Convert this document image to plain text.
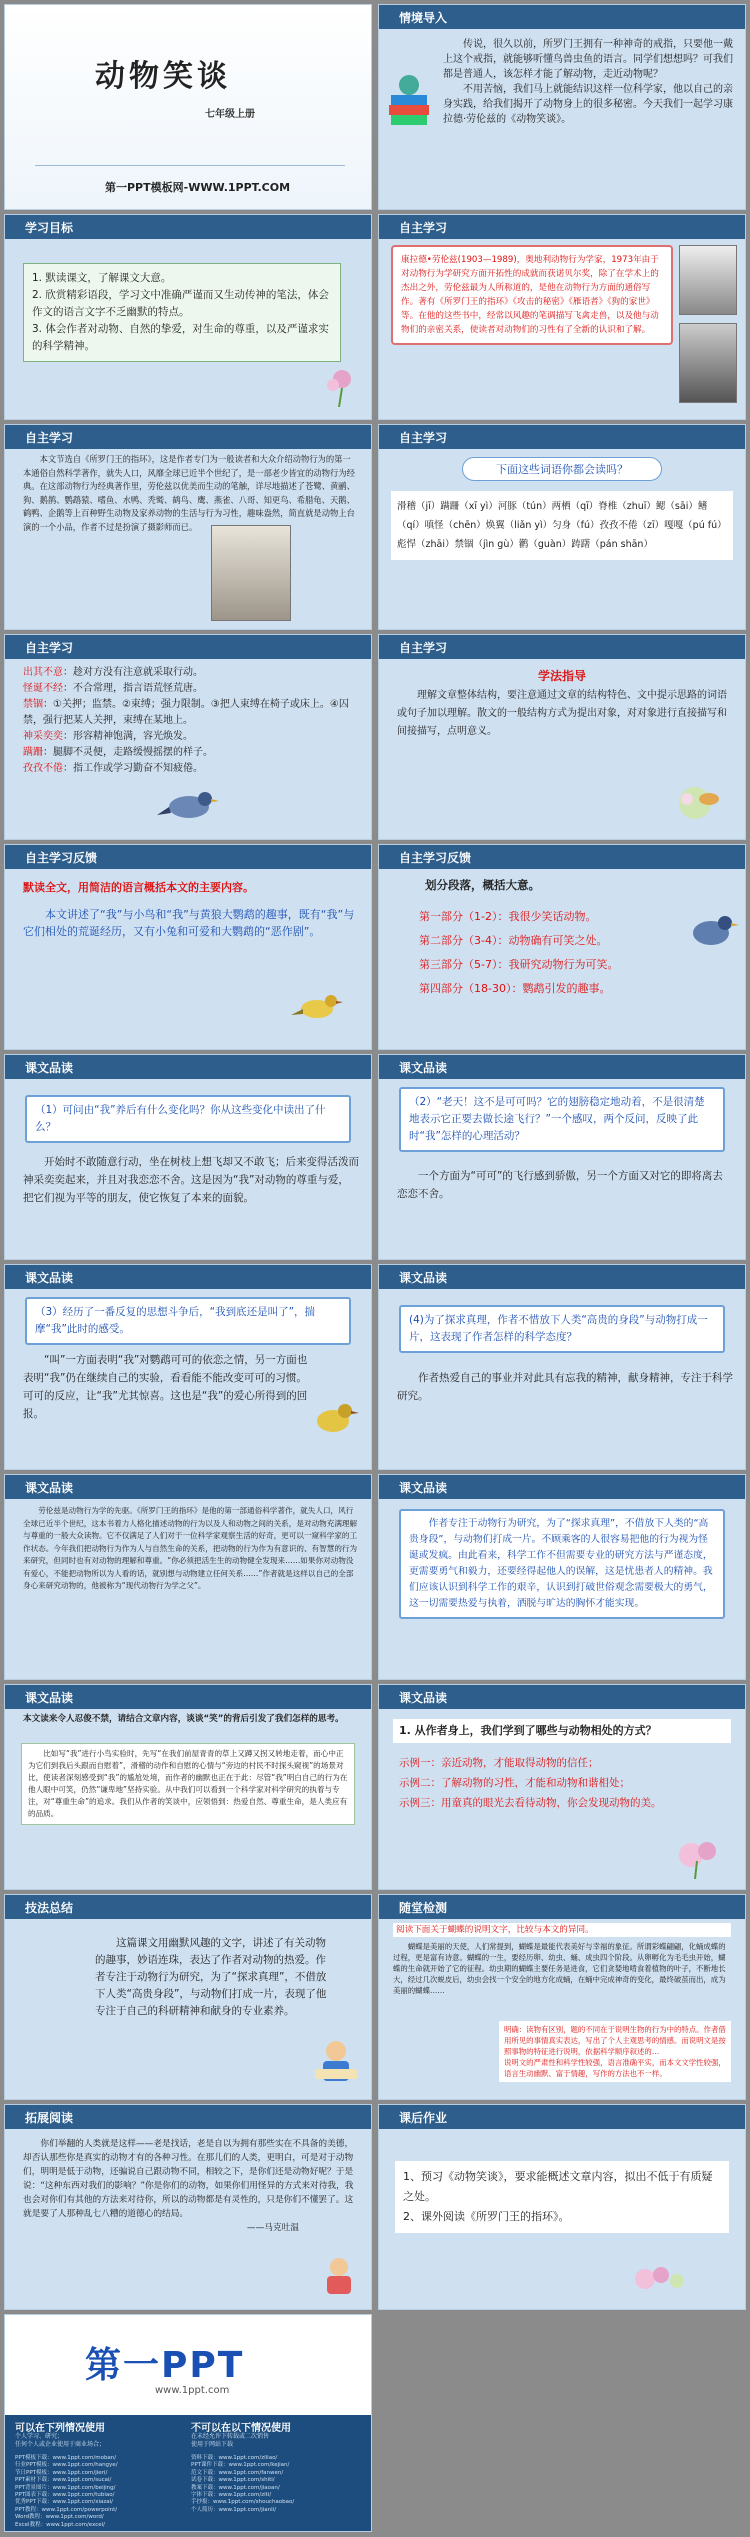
动物笑谈
七年级上册
第一PPT模板网-WWW.1PPT.COM
情境导入

传说，很久以前，所罗门王拥有一种神奇的戒指，只要他一戴上这个戒指，就能够听懂鸟兽虫鱼的语言。同学们想想吗？可我们都是普通人，该怎样才能了解动物，走近动物呢？

不用苦恼，我们马上就能结识这样一位科学家，他以自己的亲身实践，给我们揭开了动物身上的很多秘密。今天我们一起学习康拉德·劳伦兹的《动物笑谈》。

学习目标

1. 默读课文，了解课文大意。

2. 欣赏精彩语段，学习文中准确严谨而又生动传神的笔法，体会作文的语言文字不乏幽默的特点。

3. 体会作者对动物、自然的挚爱，对生命的尊重，以及严谨求实的科学精神。

自主学习

康拉德•劳伦兹(1903—1989)，奥地利动物行为学家，1973年由于对动物行为学研究方面开拓性的成就而获诺贝尔奖，除了在学术上的杰出之外，劳伦兹最为人所称道的，是他在动物行为方面的通俗写作。著有《所罗门王的指环》《攻击的秘密》《雁语者》《狗的家世》等。在他的这些书中，经常以风趣的笔调描写飞禽走兽，以及他与动物们的亲密关系，使读者对动物们的习性有了全新的认识和了解。

自主学习

本文节选自《所罗门王的指环》，这是作者专门为一般读者和大众介绍动物行为的第一本通俗自然科学著作，就失人口，风靡全球已近半个世纪了，是一部老少皆宜的动物行为经典。在这部动物行为经典著作里，劳伦兹以优美而生动的笔触，详尽地描述了苍鹭、黄鹂、狗、鹅鹊、鹦鹉猿、嗜鱼、水鸭、秃鹫、鹤鸟、鹰、燕雀、八哥、知更鸟、希腊龟、天鹅、鹤鸭、企鹅等上百种野生动物及家养动物的生活与行为习性，趣味盎然，简直就是动物上台演的一个小品，作者不过是扮演了摄影师而已。

自主学习
下面这些词语你都会读吗？

滑稽（jī）蹒跚（xī yì）河豚（tún）两栖（qī）脊椎（zhuī）鳃（sāi）鳍（qí）嗔怪（chēn）焕翼（liǎn yì）匀身（fú）孜孜不倦（zī）嘎嘎（pú fú）彪悍（zhāi）禁锢（jìn gù）鹳（guàn）踌躇（pán shān）

自主学习

出其不意：趁对方没有注意就采取行动。

怪诞不经：不合常理，指言语荒怪荒唐。

禁锢：①关押；监禁。②束缚；强力限制。③把人束缚在椅子或床上。④囚禁，强行把某人关押，束缚在某地上。

神采奕奕：形容精神饱满，容光焕发。

蹒跚：腿脚不灵便，走路缓慢摇摆的样子。

孜孜不倦：指工作或学习勤奋不知疲倦。

自主学习
学法指导

理解文章整体结构，要注意通过文章的结构特色、文中提示思路的词语或句子加以理解。散文的一般结构方式为提出对象，对对象进行直接描写和间接描写，点明意义。

自主学习反馈

默读全文，用简洁的语言概括本文的主要内容。

本文讲述了“我”与小鸟和“我”与黄狼大鹦鹉的趣事，既有“我”与它们相处的荒诞经历，又有小兔和可爱和大鹦鹉的“恶作剧”。

自主学习反馈
划分段落，概括大意。

第一部分（1-2）：我很少笑话动物。

第二部分（3-4）：动物确有可笑之处。

第三部分（5-7）：我研究动物行为可笑。

第四部分（18-30）：鹦鹉引发的趣事。

课文品读

（1）可问由“我”养后有什么变化吗？你从这些变化中读出了什么？

开始时不敢随意行动，坐在树枝上想飞却又不敢飞；后来变得活泼而神采奕奕起来，并且对我恋恋不舍。这是因为“我”对动物的尊重与爱，把它们视为平等的朋友，使它恢复了本来的面貌。

课文品读

（2）“老天！这不是可可吗？它的翅膀稳定地动着，不是很清楚地表示它正要去做长途飞行？”一个感叹，两个反问，反映了此时“我”怎样的心理活动？

一个方面为“可可”的飞行感到骄傲，另一个方面又对它的即将离去恋恋不舍。

课文品读

（3）经历了一番反复的思想斗争后，“我到底还是叫了”，揣摩“我”此时的感受。

“叫”一方面表明“我”对鹦鹉可可的依恋之情，另一方面也表明“我”仍在继续自己的实验，看看能不能改变可可的习惯。可可的反应，让“我”尤其惊喜。这也是“我”的爱心所得到的回报。

课文品读

(4)为了探求真理，作者不惜放下人类“高贵的身段”与动物打成一片，这表现了作者怎样的科学态度？

作者热爱自己的事业并对此具有忘我的精神，献身精神，专注于科学研究。

课文品读

劳伦兹是动物行为学的先驱。《所罗门王的指环》是他的第一部通俗科学著作，就失人口，风行全球已近半个世纪，这本书着力人格化描述动物的行为以及人和动物之间的关系，是对动物充满理解与尊重的一般大众读物。它不仅满足了人们对于一位科学家观察生活的好奇，更可以一窥科学家的工作状态。今年我们把动物行为作为人与自然生命的关系，把动物的行为作为有意识的、有智慧的行为来研究，但同时也有对动物的理解和尊重。“你必须把活生生的动物健全发现来……如果你对动物没有爱心，不能把动物所以为人看的话，就别想与动物建立任何关系……”作者就是这样以自己的全部身心来研究动物的，他被称为“现代动物行为学之父”。

课文品读

作者专注于动物行为研究，为了“探求真理”，不借放下人类的“高贵身段”，与动物们打成一片。不顾乘客的人很容易把他的行为视为怪诞或发疯。由此看来，科学工作不但需要专业的研究方法与严谨态度，更需要勇气和毅力，还要经得起他人的误解，这是忧患者人的精神。我们应该认识到科学工作的艰辛，认识到打破世俗观念需要极大的勇气，这一切需要热爱与执着，洒脱与旷达的胸怀才能实现。

课文品读

本文读来令人忍俊不禁，请结合文章内容，谈谈“笑”的背后引发了我们怎样的思考。

比如写“我”进行小鸟实验时，先写“在我们前屋青青的草上又蹲又拐又转地走着，而心中正为它们到我后头跟而自慰着”，滑稽的动作和自慰的心情与“旁边的村民不时探头窥视”的场景对比，使读者深刻感受到“我”的尴尬处境，而作者的幽默也正在于此：尽管“我”明白自己的行为在他人眼中可笑，仍然“谦卑地”坚持实验。从中我们可以看到一个科学家对科学研究的执着与专注，对“尊重生命”的追求。我们从作者的笑谈中，应领悟到：热爱自然、尊重生命，是人类应有的品质。

课文品读

1. 从作者身上，我们学到了哪些与动物相处的方式？

示例一：亲近动物，才能取得动物的信任；

示例二：了解动物的习性，才能和动物和谐相处；

示例三：用童真的眼光去看待动物，你会发现动物的美。

技法总结

这篇课文用幽默风趣的文字，讲述了有关动物的趣事，妙语连珠，表达了作者对动物的热爱。作者专注于动物行为研究，为了“探求真理”，不借放下人类“高贵身段”，与动物们打成一片，表现了他专注于自己的科研精神和献身的专业素养。

随堂检测

阅读下面关于蝴蝶的说明文字，比较与本文的异同。

蝴蝶是美丽的天使，人们常提到，蝴蝶是最能代表美好与幸福的象征。所谓彩蝶翩翩，化蛹成蝶的过程，更是富有诗意。蝴蝶的一生，要经历卵、幼虫、蛹、成虫四个阶段。从卵孵化为毛毛虫开始，蝴蝶的生命就开始了它的征程。幼虫期的蝴蝶主要任务是进食，它们贪婪地啃食着植物的叶子，不断地长大，经过几次蜕皮后，幼虫会找一个安全的地方化成蛹，在蛹中完成神奇的变化，最终破茧而出，成为美丽的蝴蝶……

明确：读物有区别，题的不同在于说明生物的行为中的特点。作者借用所见的事情真实表达，写出了个人主观思考的情感。而说明文是按照事物的特征进行说明，依据科学顺序叙述的…

说明文的严肃性和科学性较强，语言准确平实，而本文文学性较强，语言生动幽默、富于情趣，写作的方法也不一样。

拓展阅读

你们举翻的人类就是这样——老是找话，老是自以为拥有那些实在不具备的美德，却否认那些你是真实的动物才有的各种习性。在那儿们的人类，更明白，可是对于动物们，明明是低于动物，还骗说自己跟动物不同，相较之下，是你们还是动物好呢？于是说：“这种东西对我们的影响？”你是你们的动物，如果你们用怪异的方式来对待我，我也会对你们有其他的方法来对待你，所以的动物都是有灵性的，只是你们不懂罢了。这就是要了人那种乱七八糟的道德心的结局。

——马克吐温

课后作业

1、预习《动物笑谈》，要求能概述文章内容，拟出不低于有质疑之处。

2、课外阅读《所罗门王的指环》。

第一PPT
www.1ppt.com
可以在下列情况使用	不可以在以下情况使用

个人学习、研究；

任何个人或企业使用于商业场合；

在未经允许下转载或二次销售

使用于网站下载

PPT模板下载：www.1ppt.com/moban/

行业PPT模板：www.1ppt.com/hangye/

节日PPT模板：www.1ppt.com/jieri/

PPT素材下载：www.1ppt.com/sucai/

PPT背景图片：www.1ppt.com/beijing/

PPT图表下载：www.1ppt.com/tubiao/

优秀PPT下载：www.1ppt.com/xiazai/

PPT教程：www.1ppt.com/powerpoint/

Word教程：www.1ppt.com/word/

Excel教程：www.1ppt.com/excel/

资料下载：www.1ppt.com/ziliao/

PPT课件下载：www.1ppt.com/kejian/

范文下载：www.1ppt.com/fanwen/

试卷下载：www.1ppt.com/shiti/

教案下载：www.1ppt.com/jiaoan/

字体下载：www.1ppt.com/ziti/

手抄报：www.1ppt.com/shouchaobao/

个人简历：www.1ppt.com/jianli/
